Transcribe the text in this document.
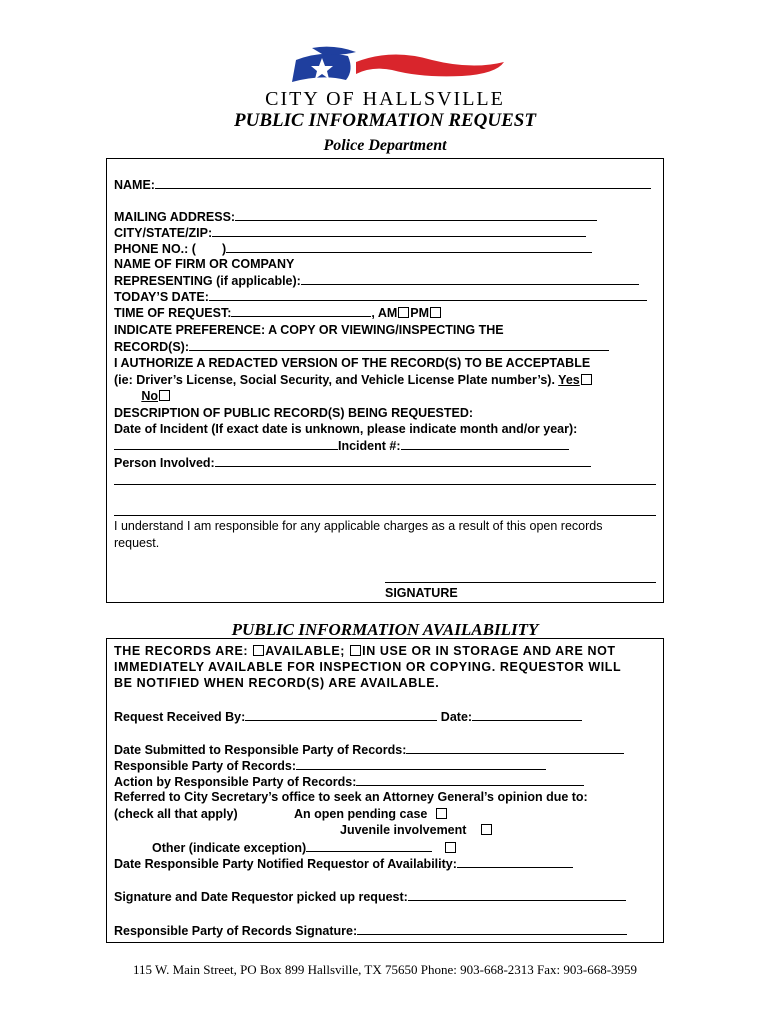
CITY OF HALLSVILLE
PUBLIC INFORMATION REQUEST
Police Department
NAME:
MAILING ADDRESS:
CITY/STATE/ZIP:
PHONE NO.: ( )
NAME OF FIRM OR COMPANY
REPRESENTING (if applicable):
TODAY’S DATE:
TIME OF REQUEST:	, AM PM
INDICATE PREFERENCE: A COPY OR VIEWING/INSPECTING THE
RECORD(S):
I AUTHORIZE A REDACTED VERSION OF THE RECORD(S) TO BE ACCEPTABLE
(ie: Driver’s License, Social Security, and Vehicle License Plate number’s). Yes
No
DESCRIPTION OF PUBLIC RECORD(S) BEING REQUESTED:
Date of Incident (If exact date is unknown, please indicate month and/or year):
Incident #:
Person Involved:
I understand I am responsible for any applicable charges as a result of this open records
request.
SIGNATURE
PUBLIC INFORMATION AVAILABILITY
THE RECORDS ARE: AVAILABLE; IN USE OR IN STORAGE AND ARE NOT
IMMEDIATELY AVAILABLE FOR INSPECTION OR COPYING. REQUESTOR WILL
BE NOTIFIED WHEN RECORD(S) ARE AVAILABLE.
Request Received By:	Date:
Date Submitted to Responsible Party of Records:
Responsible Party of Records:
Action by Responsible Party of Records:
Referred to City Secretary’s office to seek an Attorney General’s opinion due to:
(check all that apply)	An open pending case
Juvenile involvement
Other (indicate exception)
Date Responsible Party Notified Requestor of Availability:
Signature and Date Requestor picked up request:
Responsible Party of Records Signature:
115 W. Main Street, PO Box 899 Hallsville, TX 75650 Phone: 903-668-2313 Fax: 903-668-3959
